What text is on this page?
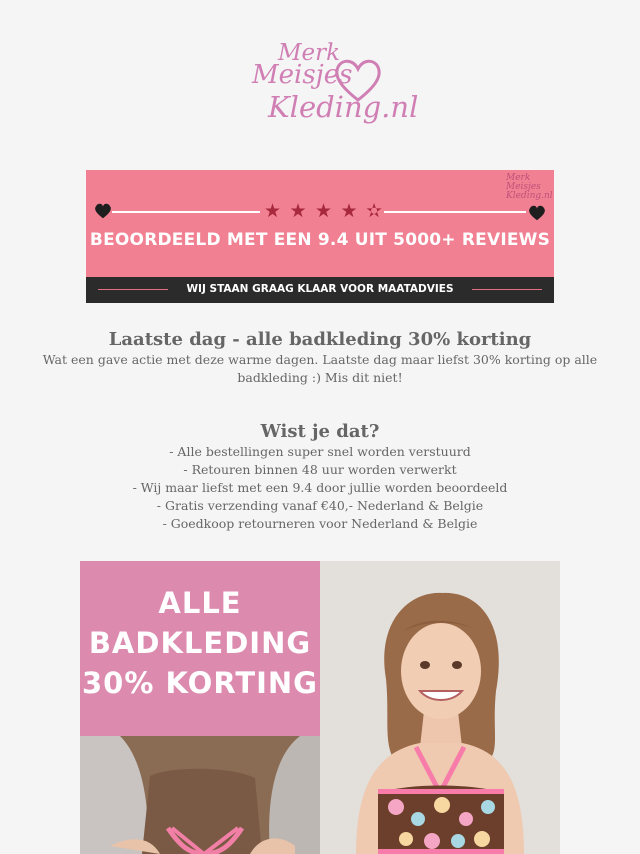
Merk
Meisjes
Kleding.nl
Merk
Meisjes
Kleding.nl
★ ★ ★ ★ ✫
BEOORDEELD MET EEN 9.4 UIT 5000+ REVIEWS
WIJ STAAN GRAAG KLAAR VOOR MAATADVIES
Laatste dag - alle badkleding 30% korting
Wat een gave actie met deze warme dagen. Laatste dag maar liefst 30% korting op alle
badkleding :) Mis dit niet!
Wist je dat?
- Alle bestellingen super snel worden verstuurd
- Retouren binnen 48 uur worden verwerkt
- Wij maar liefst met een 9.4 door jullie worden beoordeeld
- Gratis verzending vanaf €40,- Nederland & Belgie
- Goedkoop retourneren voor Nederland & Belgie
ALLE
BADKLEDING
30% KORTING
